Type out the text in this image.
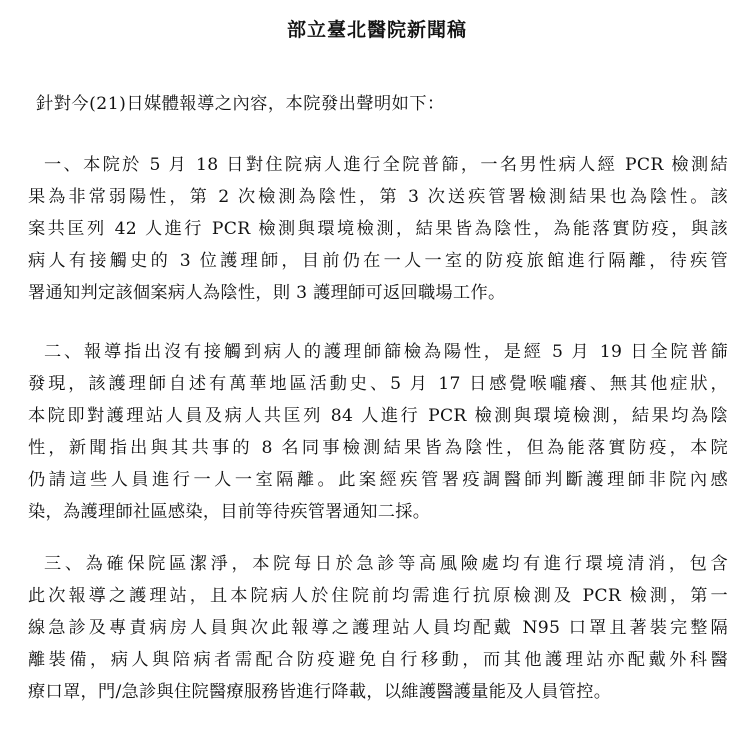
部立臺北醫院新聞稿
針對今(21)日媒體報導之內容，本院發出聲明如下：
一、本院於 5 月 18 日對住院病人進行全院普篩，一名男性病人經 PCR 檢測結
果為非常弱陽性，第 2 次檢測為陰性，第 3 次送疾管署檢測結果也為陰性。該
案共匡列 42 人進行 PCR 檢測與環境檢測，結果皆為陰性，為能落實防疫，與該
病人有接觸史的 3 位護理師，目前仍在一人一室的防疫旅館進行隔離，待疾管
署通知判定該個案病人為陰性，則 3 護理師可返回職場工作。
二、報導指出沒有接觸到病人的護理師篩檢為陽性，是經 5 月 19 日全院普篩
發現，該護理師自述有萬華地區活動史、5 月 17 日感覺喉嚨癢、無其他症狀，
本院即對護理站人員及病人共匡列 84 人進行 PCR 檢測與環境檢測，結果均為陰
性，新聞指出與其共事的 8 名同事檢測結果皆為陰性，但為能落實防疫，本院
仍請這些人員進行一人一室隔離。此案經疾管署疫調醫師判斷護理師非院內感
染，為護理師社區感染，目前等待疾管署通知二採。
三、為確保院區潔淨，本院每日於急診等高風險處均有進行環境清消，包含
此次報導之護理站，且本院病人於住院前均需進行抗原檢測及 PCR 檢測，第一
線急診及專責病房人員與次此報導之護理站人員均配戴 N95 口罩且著裝完整隔
離裝備，病人與陪病者需配合防疫避免自行移動，而其他護理站亦配戴外科醫
療口罩，門/急診與住院醫療服務皆進行降載，以維護醫護量能及人員管控。
